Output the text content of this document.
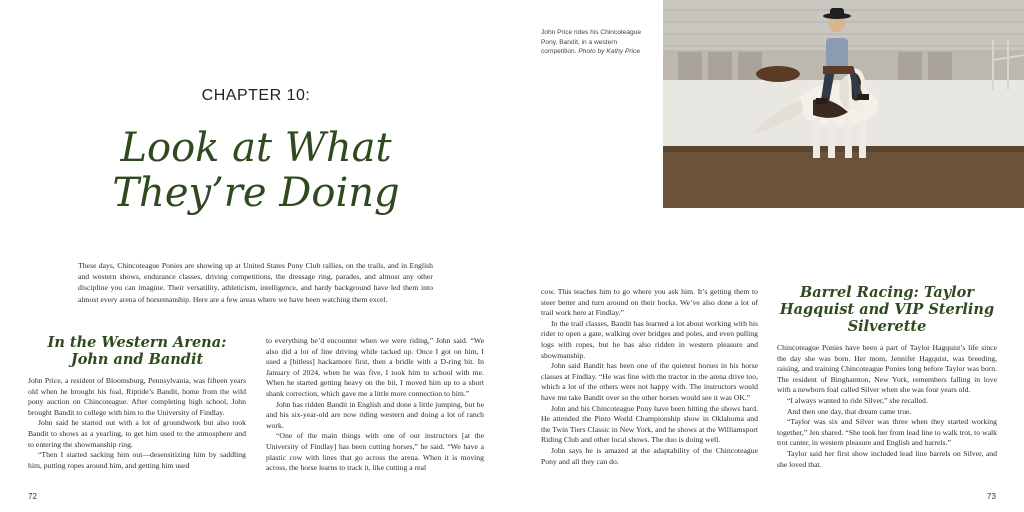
CHAPTER 10:
Look at What
They’re Doing

These days, Chincoteague Ponies are showing up at United States Pony Club rallies, on the trails, and in English and western shows, endurance classes, driving competitions, the dressage ring, parades, and almost any other discipline you can imagine. Their versatility, athleticism, intelligence, and hardy background have led them into almost every arena of horsemanship. Here are a few areas where we have been watching them excel.

In the Western Arena: John and Bandit

John Price, a resident of Bloomsburg, Pennsylvania, was fifteen years old when he brought his foal, Riptide’s Bandit, home from the wild pony auction on Chincoteague. After completing high school, John brought Bandit to college with him to the University of Findlay.

John said he started out with a lot of groundwork but also took Bandit to shows as a yearling, to get him used to the atmosphere and to entering the showmanship ring.

“Then I started sacking him out—desensitizing him by saddling him, putting ropes around him, and getting him used

to everything he’d encounter when we were riding,” John said. “We also did a lot of line driving while tacked up. Once I got on him, I used a [bitless] hackamore first, then a bridle with a D-ring bit. In January of 2024, when he was five, I took him to school with me. When he started getting heavy on the bit, I moved him up to a short shank correction, which gave me a little more connection to him.”

John has ridden Bandit in English and done a little jumping, but he and his six-year-old are now riding western and doing a lot of ranch work.

“One of the main things with one of our instructors [at the University of Findlay] has been cutting horses,” he said. “We have a plastic cow with lines that go across the arena. When it is moving across, the horse learns to track it, like cutting a real

72
John Price rides his Chincoteague Pony, Bandit, in a western competition. Photo by Kathy Price

cow. This teaches him to go where you ask him. It’s getting them to steer better and turn around on their hocks. We’ve also done a lot of trail work here at Findlay.”

In the trail classes, Bandit has learned a lot about working with his rider to open a gate, walking over bridges and poles, and even pulling logs with ropes, but he has also ridden in western pleasure and showmanship.

John said Bandit has been one of the quietest horses in his horse classes at Findlay. “He was fine with the tractor in the arena drive too, which a lot of the others were not happy with. The instructors would have me take Bandit over so the other horses would see it was OK.”

John and his Chincoteague Pony have been hitting the shows hard. He attended the Pinto World Championship show in Oklahoma and the Twin Tiers Classic in New York, and he shows at the Williamsport Riding Club and other local shows. The duo is doing well.

John says he is amazed at the adaptability of the Chincoteague Pony and all they can do.

Barrel Racing: Taylor Hagquist and VIP Sterling Silverette

Chincoteague Ponies have been a part of Taylor Hagquist’s life since the day she was born. Her mom, Jennifer Hagquist, was breeding, raising, and training Chincoteague Ponies long before Taylor was born. The resident of Binghamton, New York, remembers falling in love with a newborn foal called Silver when she was four years old.

“I always wanted to ride Silver,” she recalled.

And then one day, that dream came true.

“Taylor was six and Silver was three when they started working together,” Jen shared. “She took her from lead line to walk trot, to walk trot canter, in western pleasure and English and barrels.”

Taylor said her first show included lead line barrels on Silver, and she loved that.

73
